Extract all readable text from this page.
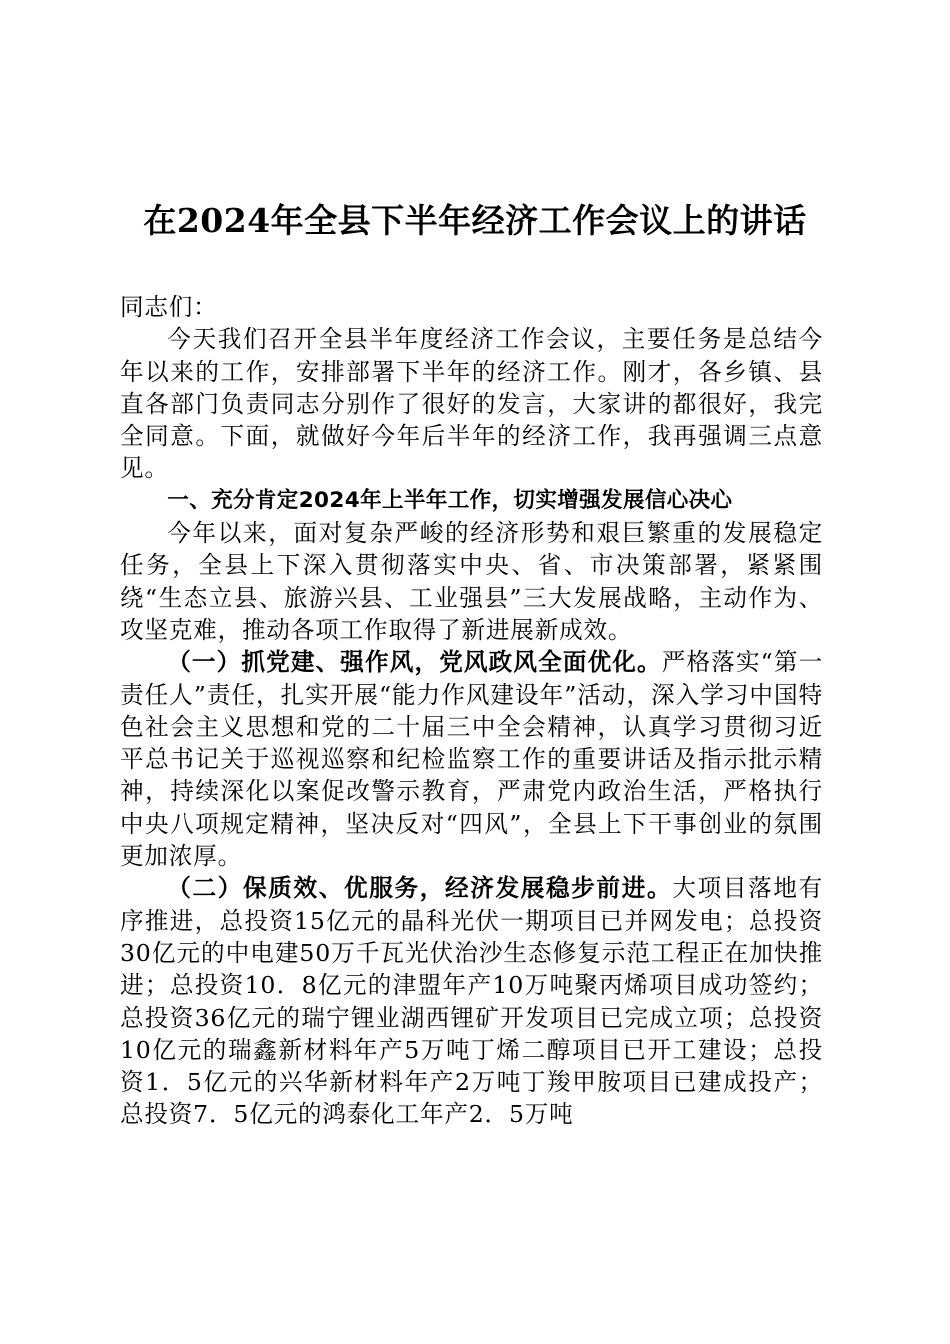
在2024年全县下半年经济工作会议上的讲话

同志们：

今天我们召开全县半年度经济工作会议，主要任务是总结今年以来的工作，安排部署下半年的经济工作。刚才，各乡镇、县直各部门负责同志分别作了很好的发言，大家讲的都很好，我完全同意。下面，就做好今年后半年的经济工作，我再强调三点意见。

一、充分肯定2024年上半年工作，切实增强发展信心决心

今年以来，面对复杂严峻的经济形势和艰巨繁重的发展稳定任务，全县上下深入贯彻落实中央、省、市决策部署，紧紧围绕“生态立县、旅游兴县、工业强县”三大发展战略，主动作为、攻坚克难，推动各项工作取得了新进展新成效。

（一）抓党建、强作风，党风政风全面优化。严格落实“第一责任人”责任，扎实开展“能力作风建设年”活动，深入学习中国特色社会主义思想和党的二十届三中全会精神，认真学习贯彻习近平总书记关于巡视巡察和纪检监察工作的重要讲话及指示批示精神，持续深化以案促改警示教育，严肃党内政治生活，严格执行中央八项规定精神，坚决反对“四风”，全县上下干事创业的氛围更加浓厚。

（二）保质效、优服务，经济发展稳步前进。大项目落地有序推进，总投资15亿元的晶科光伏一期项目已并网发电；总投资30亿元的中电建50万千瓦光伏治沙生态修复示范工程正在加快推进；总投资10．8亿元的津盟年产10万吨聚丙烯项目成功签约；总投资36亿元的瑞宁锂业湖西锂矿开发项目已完成立项；总投资10亿元的瑞鑫新材料年产5万吨丁烯二醇项目已开工建设；总投资1．5亿元的兴华新材料年产2万吨丁羧甲胺项目已建成投产；总投资7．5亿元的鸿泰化工年产2．5万吨
